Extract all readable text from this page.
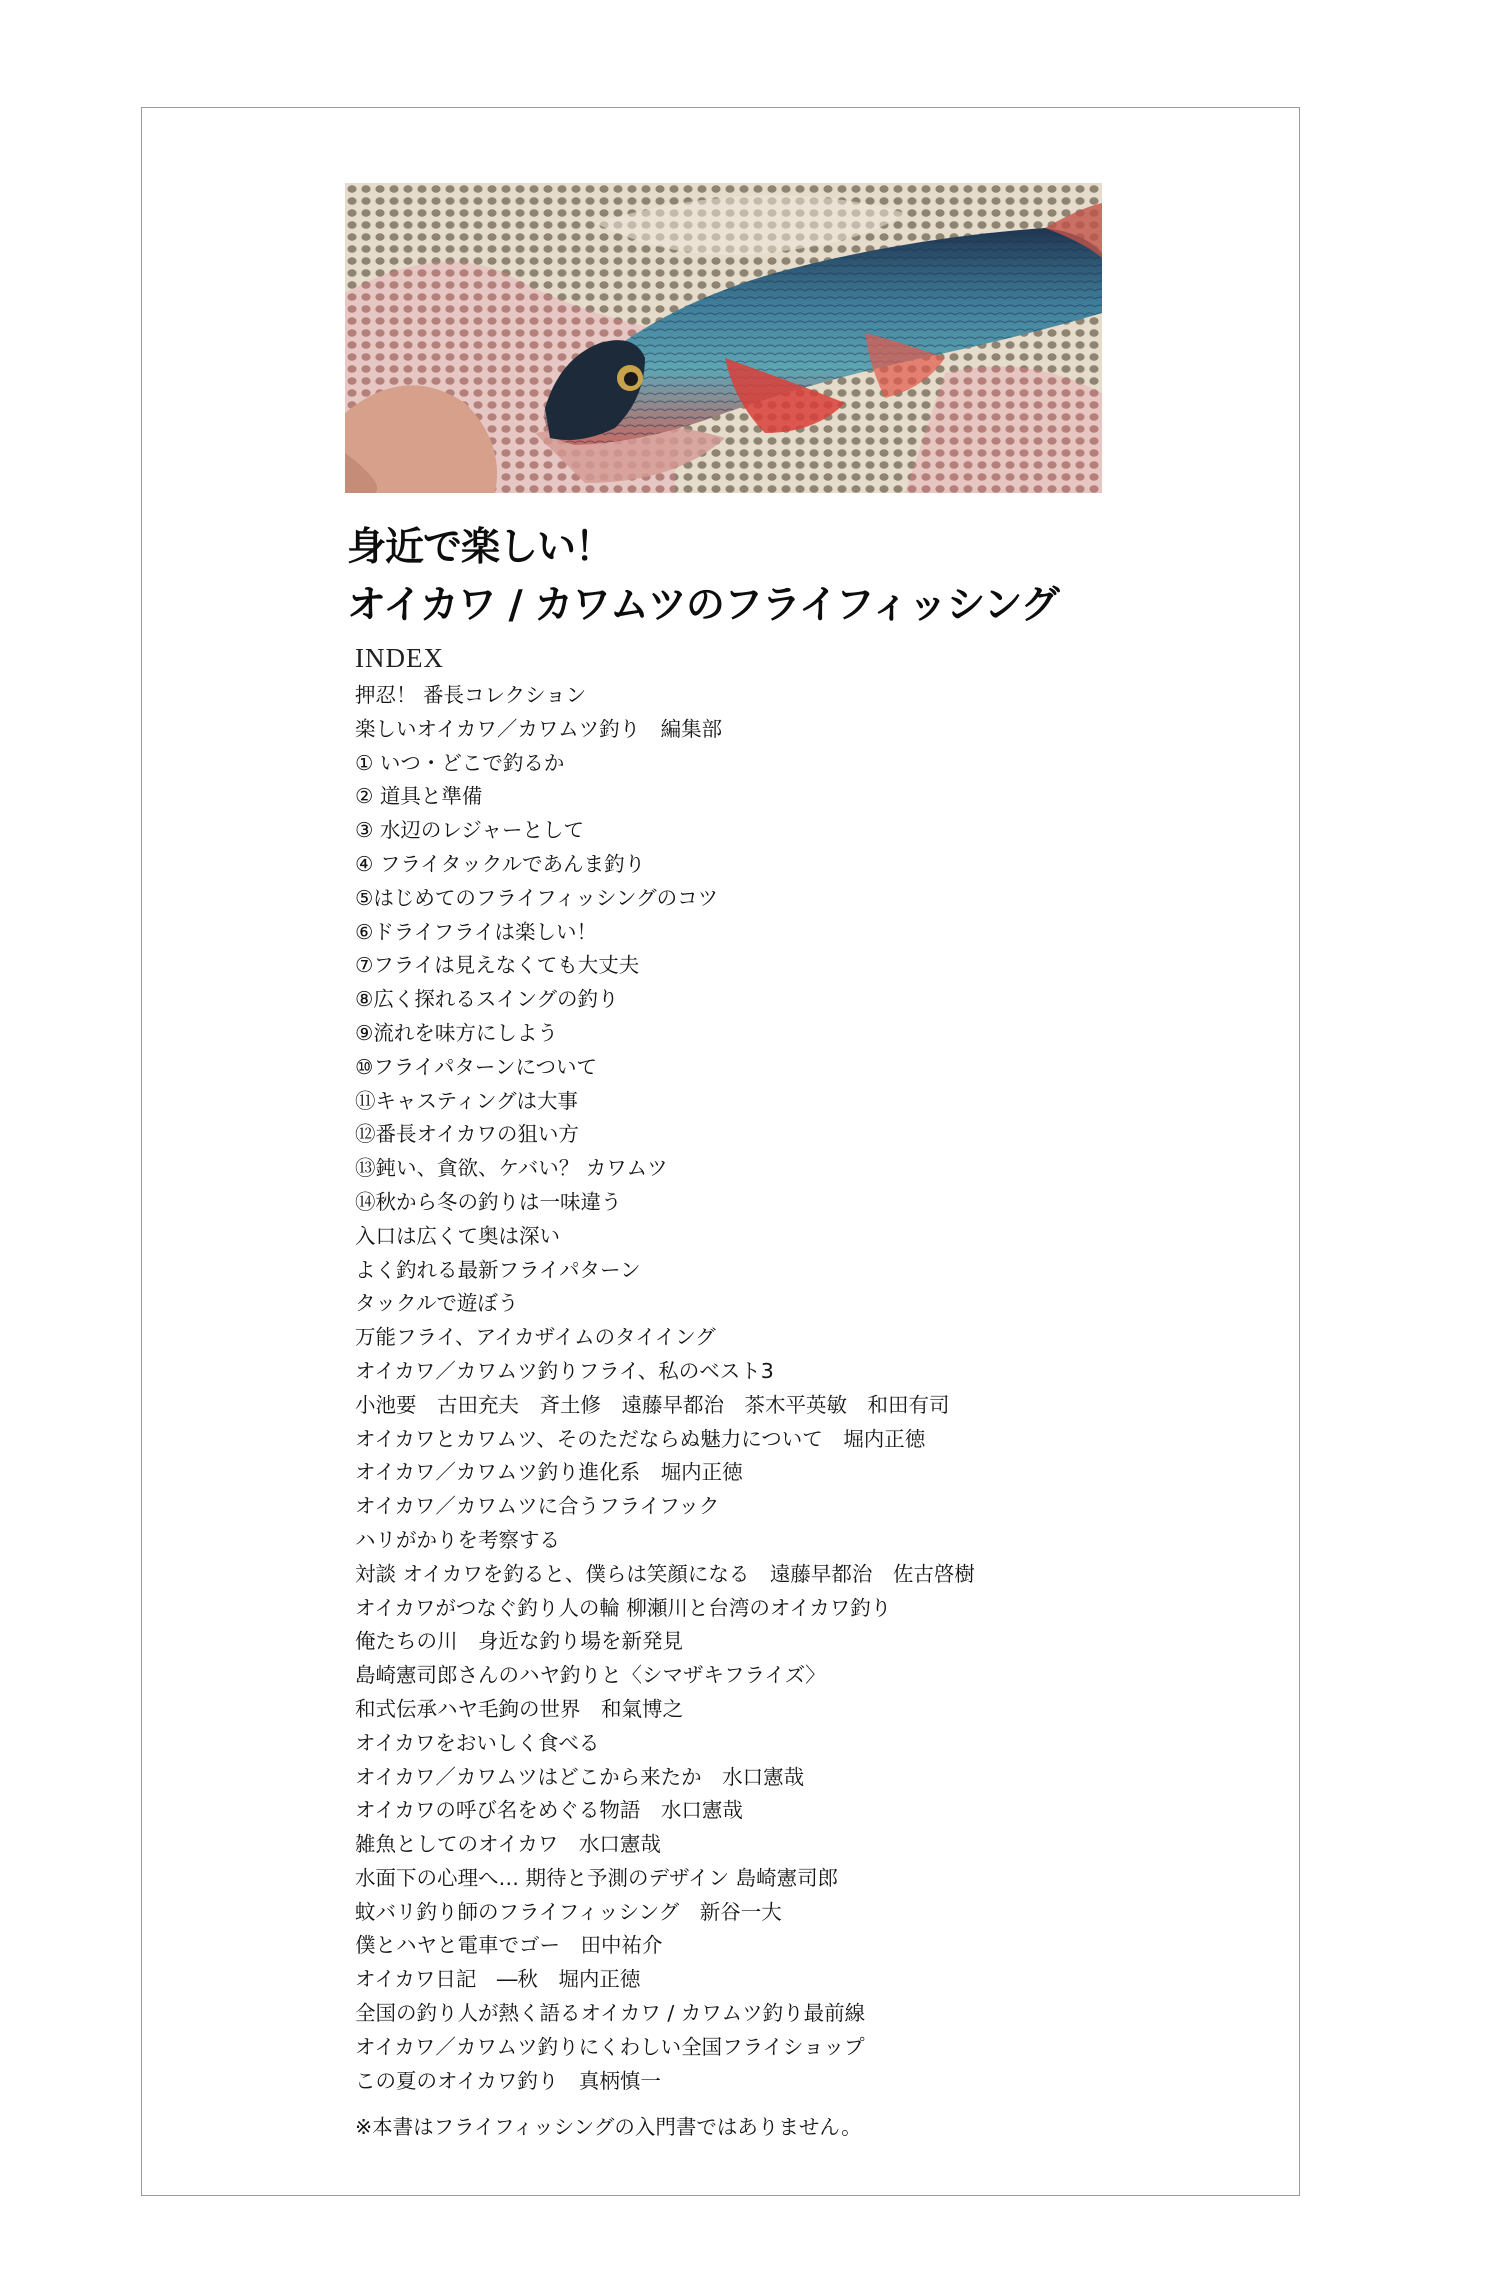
身近で楽しい！
オイカワ / カワムツのフライフィッシング
INDEX
押忍！ 番長コレクション
楽しいオイカワ／カワムツ釣り　編集部
① いつ・どこで釣るか
② 道具と準備
③ 水辺のレジャーとして
④ フライタックルであんま釣り
⑤はじめてのフライフィッシングのコツ
⑥ドライフライは楽しい！
⑦フライは見えなくても大丈夫
⑧広く探れるスイングの釣り
⑨流れを味方にしよう
⑩フライパターンについて
⑪キャスティングは大事
⑫番長オイカワの狙い方
⑬鈍い、貪欲、ケバい？ カワムツ
⑭秋から冬の釣りは一味違う
入口は広くて奥は深い
よく釣れる最新フライパターン
タックルで遊ぼう
万能フライ、アイカザイムのタイイング
オイカワ／カワムツ釣りフライ、私のベスト3
小池要　古田充夫　斉土修　遠藤早都治　茶木平英敏　和田有司
オイカワとカワムツ、そのただならぬ魅力について　堀内正徳
オイカワ／カワムツ釣り進化系　堀内正徳
オイカワ／カワムツに合うフライフック
ハリがかりを考察する
対談 オイカワを釣ると、僕らは笑顔になる　遠藤早都治　佐古啓樹
オイカワがつなぐ釣り人の輪 柳瀬川と台湾のオイカワ釣り
俺たちの川　身近な釣り場を新発見
島崎憲司郎さんのハヤ釣りと〈シマザキフライズ〉
和式伝承ハヤ毛鉤の世界　和氣博之
オイカワをおいしく食べる
オイカワ／カワムツはどこから来たか　水口憲哉
オイカワの呼び名をめぐる物語　水口憲哉
雑魚としてのオイカワ　水口憲哉
水面下の心理へ… 期待と予測のデザイン 島崎憲司郎
蚊バリ釣り師のフライフィッシング　新谷一大
僕とハヤと電車でゴー　田中祐介
オイカワ日記　―秋　堀内正徳
全国の釣り人が熱く語るオイカワ / カワムツ釣り最前線
オイカワ／カワムツ釣りにくわしい全国フライショップ
この夏のオイカワ釣り　真柄慎一
※本書はフライフィッシングの入門書ではありません。
